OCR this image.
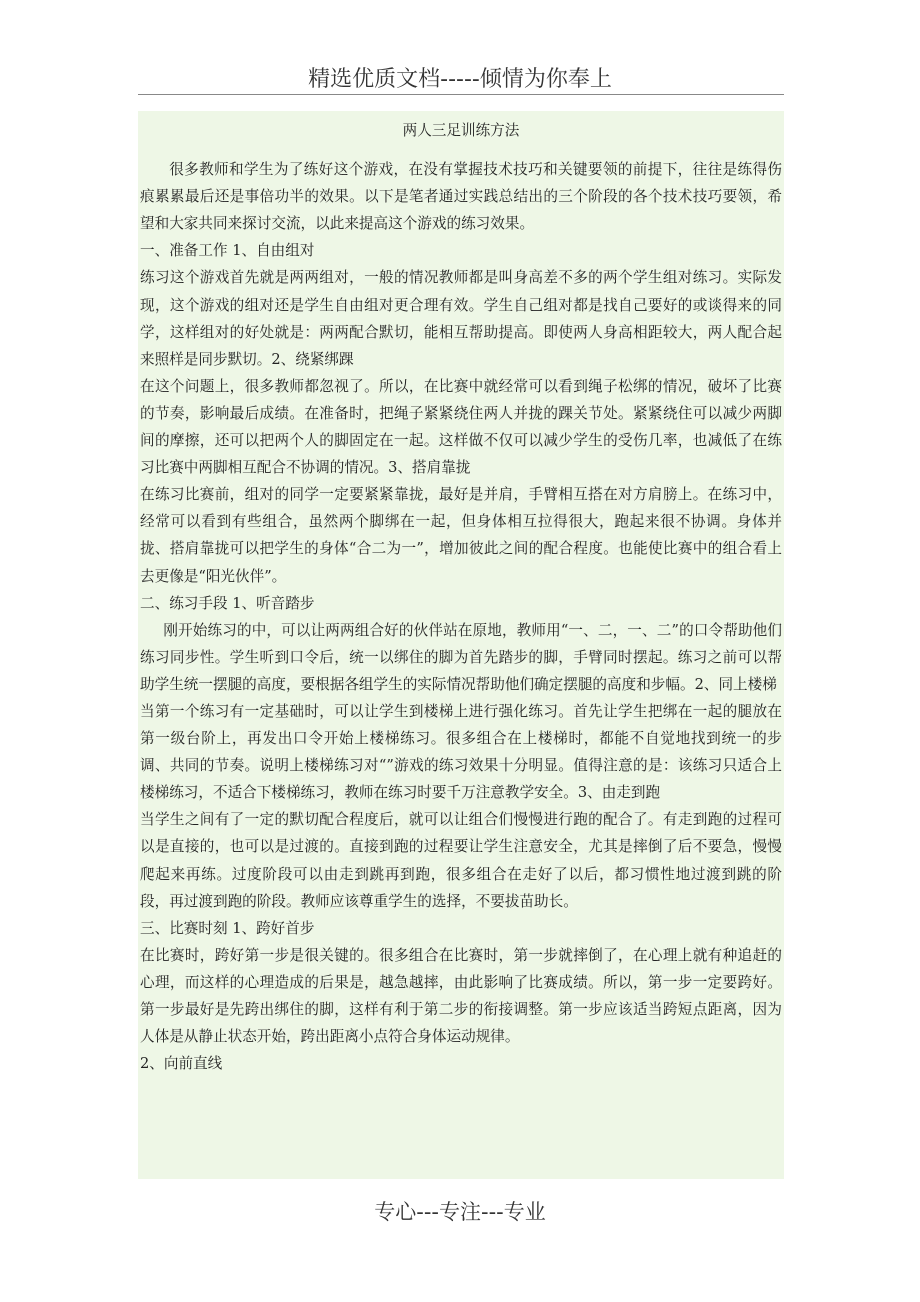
精选优质文档-----倾情为你奉上
两人三足训练方法

很多教师和学生为了练好这个游戏，在没有掌握技术技巧和关键要领的前提下，往往是练得伤痕累累最后还是事倍功半的效果。以下是笔者通过实践总结出的三个阶段的各个技术技巧要领，希望和大家共同来探讨交流，以此来提高这个游戏的练习效果。

一、准备工作 1、自由组对

练习这个游戏首先就是两两组对，一般的情况教师都是叫身高差不多的两个学生组对练习。实际发现，这个游戏的组对还是学生自由组对更合理有效。学生自己组对都是找自己要好的或谈得来的同学，这样组对的好处就是：两两配合默切，能相互帮助提高。即使两人身高相距较大，两人配合起来照样是同步默切。2、绕紧绑踝

在这个问题上，很多教师都忽视了。所以，在比赛中就经常可以看到绳子松绑的情况，破坏了比赛的节奏，影响最后成绩。在准备时，把绳子紧紧绕住两人并拢的踝关节处。紧紧绕住可以减少两脚间的摩擦，还可以把两个人的脚固定在一起。这样做不仅可以减少学生的受伤几率，也减低了在练习比赛中两脚相互配合不协调的情况。3、搭肩靠拢

在练习比赛前，组对的同学一定要紧紧靠拢，最好是并肩，手臂相互搭在对方肩膀上。在练习中，经常可以看到有些组合，虽然两个脚绑在一起，但身体相互拉得很大，跑起来很不协调。身体并拢、搭肩靠拢可以把学生的身体“合二为一”，增加彼此之间的配合程度。也能使比赛中的组合看上去更像是“阳光伙伴”。

二、练习手段 1、听音踏步

刚开始练习的中，可以让两两组合好的伙伴站在原地，教师用“一、二，一、二”的口令帮助他们练习同步性。学生听到口令后，统一以绑住的脚为首先踏步的脚，手臂同时摆起。练习之前可以帮助学生统一摆腿的高度，要根据各组学生的实际情况帮助他们确定摆腿的高度和步幅。2、同上楼梯

当第一个练习有一定基础时，可以让学生到楼梯上进行强化练习。首先让学生把绑在一起的腿放在第一级台阶上，再发出口令开始上楼梯练习。很多组合在上楼梯时，都能不自觉地找到统一的步调、共同的节奏。说明上楼梯练习对“”游戏的练习效果十分明显。值得注意的是：该练习只适合上楼梯练习，不适合下楼梯练习，教师在练习时要千万注意教学安全。3、由走到跑

当学生之间有了一定的默切配合程度后，就可以让组合们慢慢进行跑的配合了。有走到跑的过程可以是直接的，也可以是过渡的。直接到跑的过程要让学生注意安全，尤其是摔倒了后不要急，慢慢爬起来再练。过度阶段可以由走到跳再到跑，很多组合在走好了以后，都习惯性地过渡到跳的阶段，再过渡到跑的阶段。教师应该尊重学生的选择，不要拔苗助长。

三、比赛时刻 1、跨好首步

在比赛时，跨好第一步是很关键的。很多组合在比赛时，第一步就摔倒了，在心理上就有种追赶的心理，而这样的心理造成的后果是，越急越摔，由此影响了比赛成绩。所以，第一步一定要跨好。第一步最好是先跨出绑住的脚，这样有利于第二步的衔接调整。第一步应该适当跨短点距离，因为人体是从静止状态开始，跨出距离小点符合身体运动规律。

2、向前直线

专心---专注---专业
